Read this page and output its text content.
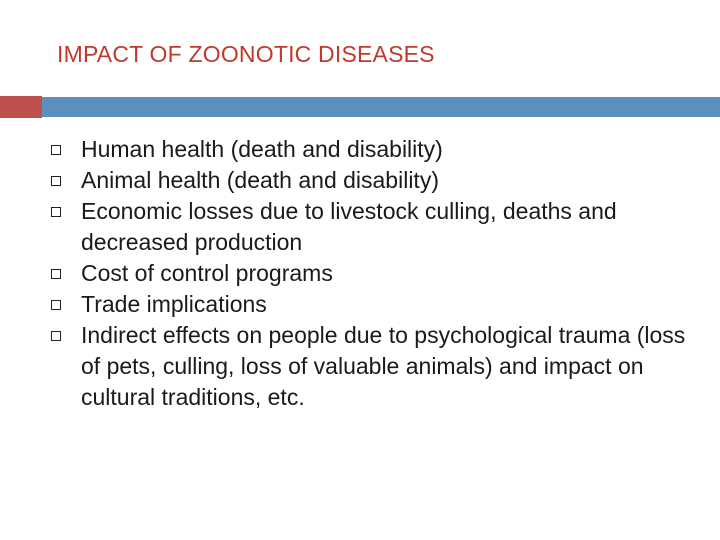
IMPACT OF ZOONOTIC DISEASES
Human health (death and disability)
Animal health (death and disability)
Economic losses due to livestock culling, deaths and decreased production
Cost of control programs
Trade implications
Indirect effects on people due to psychological trauma (loss of pets, culling, loss of valuable animals) and impact on cultural traditions, etc.
